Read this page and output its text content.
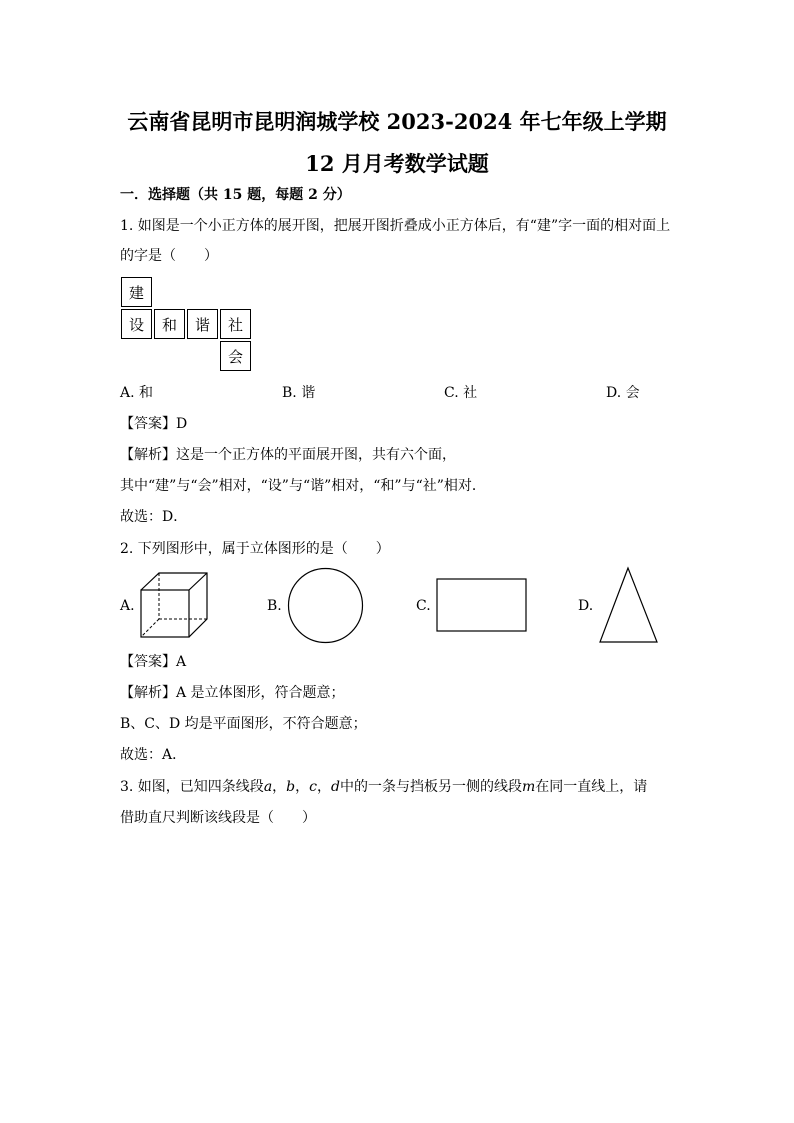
云南省昆明市昆明润城学校 2023-2024 年七年级上学期
12 月月考数学试题
一．选择题（共 15 题，每题 2 分）
1. 如图是一个小正方体的展开图，把展开图折叠成小正方体后，有“建”字一面的相对面上
的字是（　　）
建
设	和	谐	社
会
A. 和	B. 谐	C. 社	D. 会
【答案】D
【解析】这是一个正方体的平面展开图，共有六个面，
其中“建”与“会”相对，“设”与“谐”相对，“和”与“社”相对．
故选：D．
2. 下列图形中，属于立体图形的是（　　）
A.	B.	C.	D.
【答案】A
【解析】A 是立体图形，符合题意；
B、C、D 均是平面图形，不符合题意；
故选：A．
3. 如图，已知四条线段a，b，c，d中的一条与挡板另一侧的线段m在同一直线上，请
借助直尺判断该线段是（　　）
